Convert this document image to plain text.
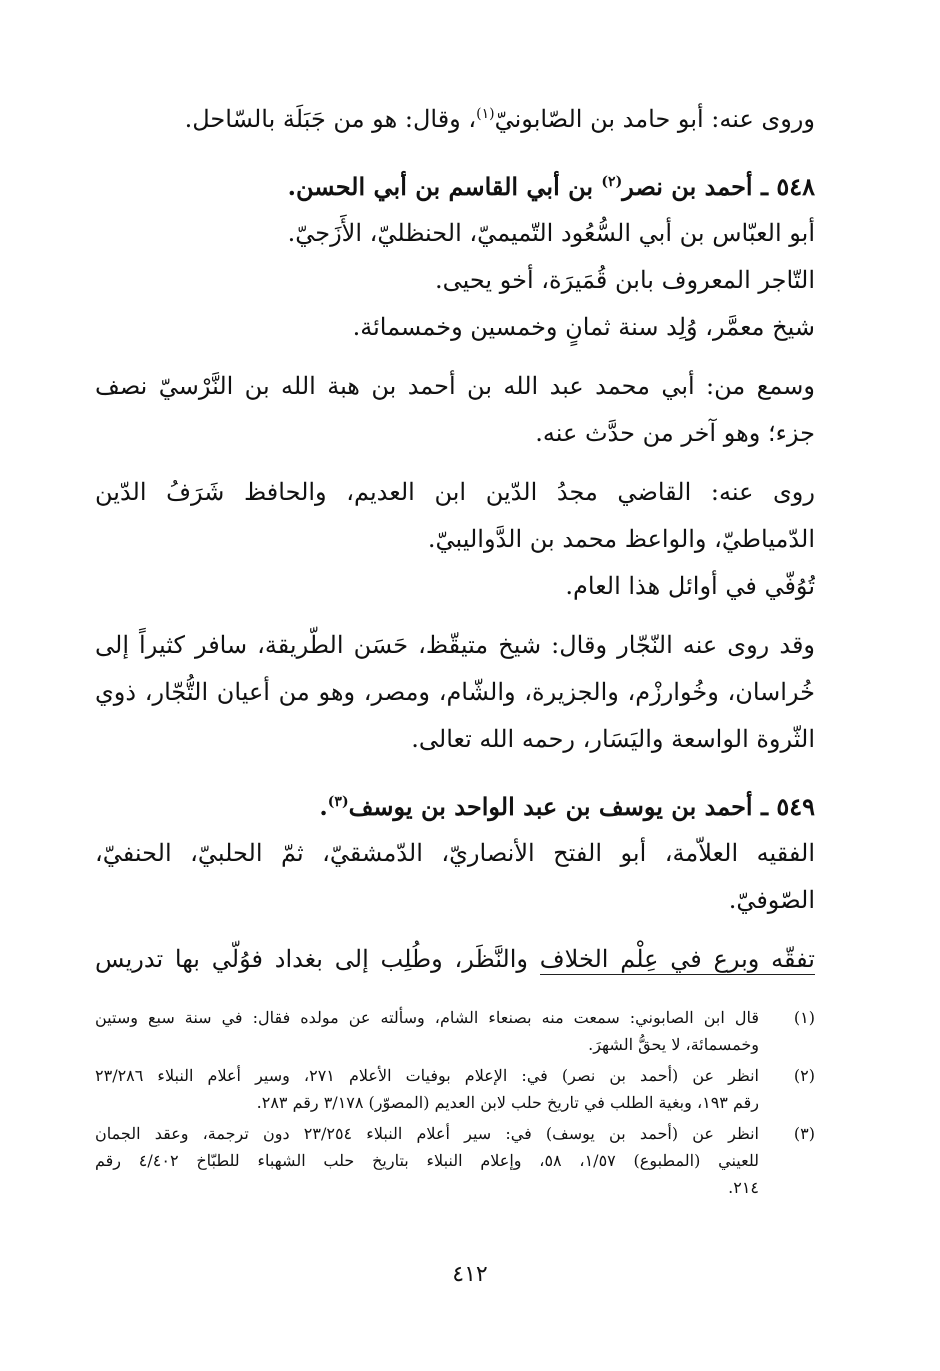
وروى عنه: أبو حامد بن الصّابونيّ$^{(١)}$، وقال: هو من جَبَلَة بالسّاحل.
٥٤٨ ـ أحمد بن نصر$^{(٢)}$ بن أبي القاسم بن أبي الحسن.
أبو العبّاس بن أبي السُّعُود التّميميّ، الحنظليّ، الأَزَجيّ.
التّاجر المعروف بابن قُمَيرَة، أخو يحيى.
شيخ معمَّر، وُلِد سنة ثمانٍ وخمسين وخمسمائة.
وسمع من: أبي محمد عبد الله بن أحمد بن هبة الله بن النَّرْسيّ نصف
جزء؛ وهو آخر من حدَّث عنه.
روى عنه: القاضي مجدُ الدّين ابن العديم، والحافظ شَرَفُ الدّين
الدّمياطيّ، والواعظ محمد بن الدَّواليبيّ.
تُوُفّي في أوائل هذا العام.
وقد روى عنه النّجّار وقال: شيخ متيقّظ، حَسَن الطّريقة، سافر كثيراً إلى
خُراسان، وخُوارزْم، والجزيرة، والشّام، ومصر، وهو من أعيان التُّجّار، ذوي
الثّروة الواسعة واليَسَار، رحمه الله تعالى.
٥٤٩ ـ أحمد بن يوسف بن عبد الواحد بن يوسف$^{(٣)}$.
الفقيه العلاّمة، أبو الفتح الأنصاريّ، الدّمشقيّ، ثمّ الحلبيّ، الحنفيّ،
الصّوفيّ.
تفقّه وبرع في عِلْم الخلاف والنَّظَر، وطُلِب إلى بغداد فوُلّي بها تدريس
(١)
قال ابن الصابوني: سمعت منه بصنعاء الشام، وسألته عن مولده فقال: في سنة سبع وستين
وخمسمائة، لا يحقُّ الشهرَ.
(٢)
انظر عن (أحمد بن نصر) في: الإعلام بوفيات الأعلام ٢٧١، وسير أعلام النبلاء ٢٣/٢٨٦
رقم ١٩٣، وبغية الطلب في تاريخ حلب لابن العديم (المصوّر) ٣/١٧٨ رقم ٢٨٣.
(٣)
انظر عن (أحمد بن يوسف) في: سير أعلام النبلاء ٢٣/٢٥٤ دون ترجمة، وعقد الجمان
للعيني (المطبوع) ١/٥٧، ٥٨، وإعلام النبلاء بتاريخ حلب الشهباء للطبّاخ ٤/٤٠٢ رقم
٢١٤.
٤١٢
